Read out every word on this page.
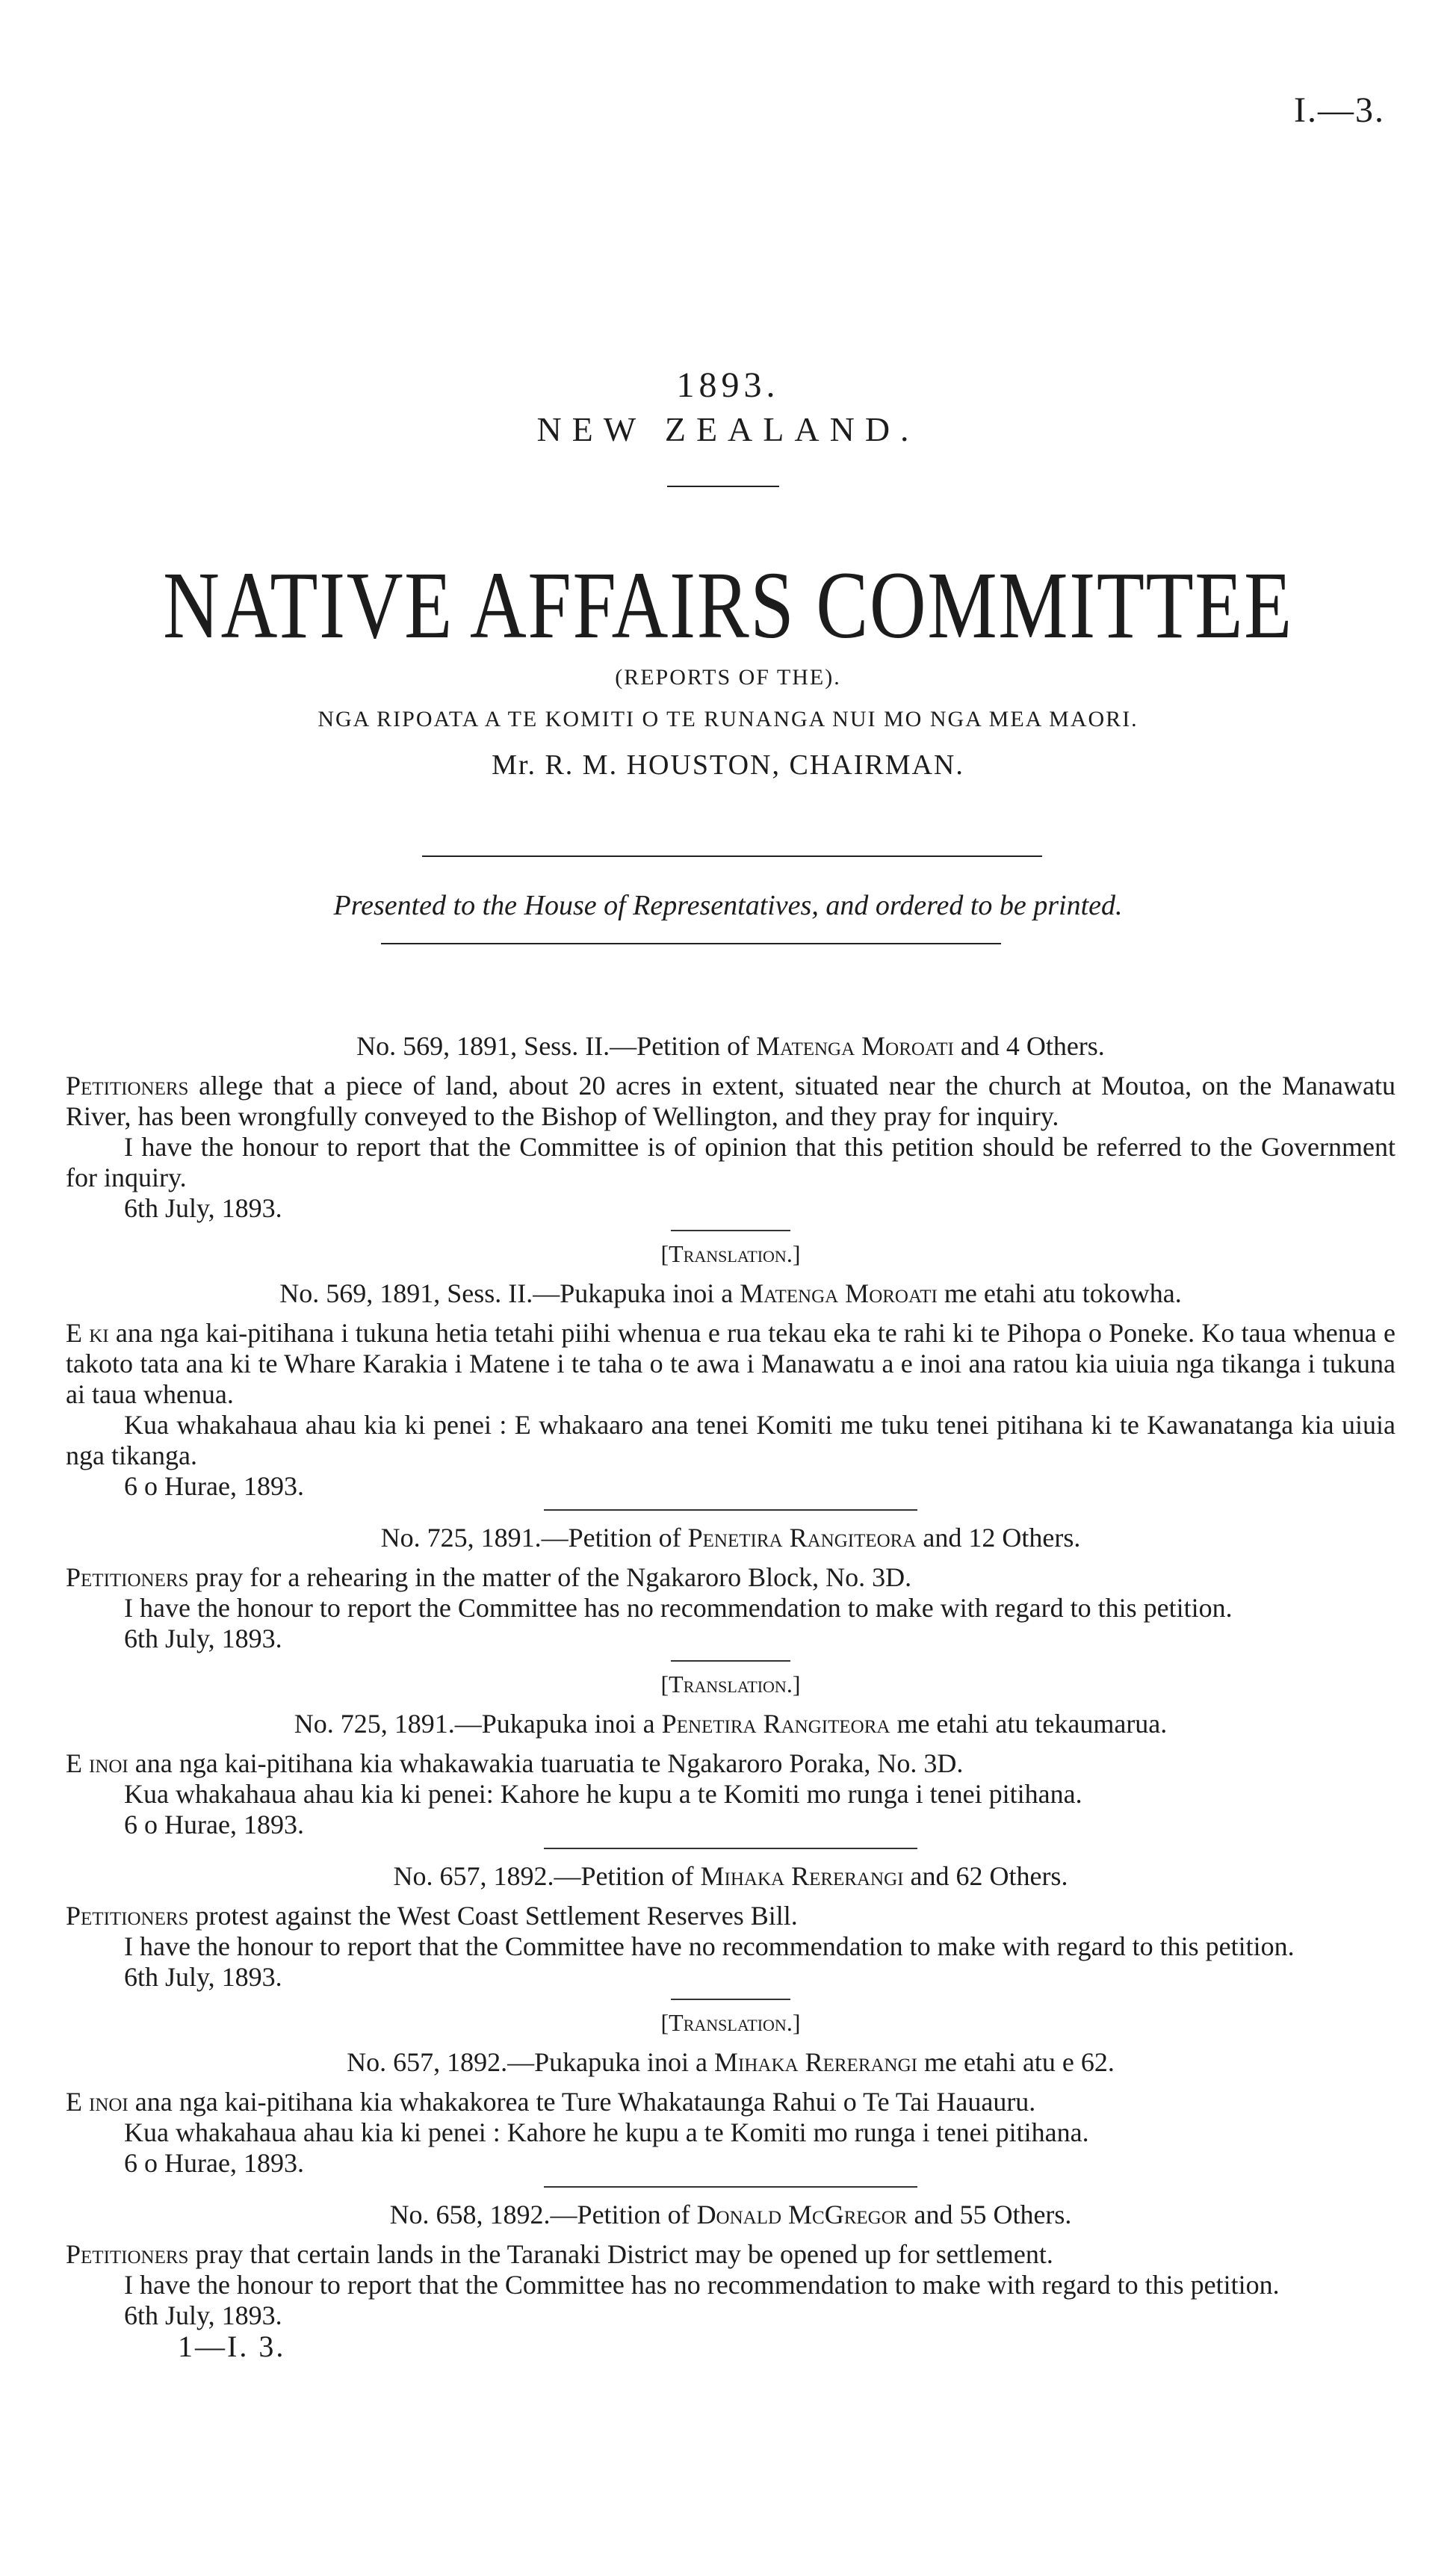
I.—3.
1893.
NEW ZEALAND.
NATIVE AFFAIRS COMMITTEE
(REPORTS OF THE).
NGA RIPOATA A TE KOMITI O TE RUNANGA NUI MO NGA MEA MAORI.
Mr. R. M. HOUSTON, CHAIRMAN.
Presented to the House of Representatives, and ordered to be printed.
No. 569, 1891, Sess. II.—Petition of Matenga Moroati and 4 Others.

Petitioners allege that a piece of land, about 20 acres in extent, situated near the church at Moutoa, on the Manawatu River, has been wrongfully conveyed to the Bishop of Wellington, and they pray for inquiry.

I have the honour to report that the Committee is of opinion that this petition should be referred to the Government for inquiry.

6th July, 1893.

[Translation.]
No. 569, 1891, Sess. II.—Pukapuka inoi a Matenga Moroati me etahi atu tokowha.

E ki ana nga kai-pitihana i tukuna hetia tetahi piihi whenua e rua tekau eka te rahi ki te Pihopa o Poneke. Ko taua whenua e takoto tata ana ki te Whare Karakia i Matene i te taha o te awa i Manawatu a e inoi ana ratou kia uiuia nga tikanga i tukuna ai taua whenua.

Kua whakahaua ahau kia ki penei : E whakaaro ana tenei Komiti me tuku tenei pitihana ki te Kawanatanga kia uiuia nga tikanga.

6 o Hurae, 1893.

No. 725, 1891.—Petition of Penetira Rangiteora and 12 Others.

Petitioners pray for a rehearing in the matter of the Ngakaroro Block, No. 3D.

I have the honour to report the Committee has no recommendation to make with regard to this petition.

6th July, 1893.

[Translation.]
No. 725, 1891.—Pukapuka inoi a Penetira Rangiteora me etahi atu tekaumarua.

E inoi ana nga kai-pitihana kia whakawakia tuaruatia te Ngakaroro Poraka, No. 3D.

Kua whakahaua ahau kia ki penei: Kahore he kupu a te Komiti mo runga i tenei pitihana.

6 o Hurae, 1893.

No. 657, 1892.—Petition of Mihaka Rererangi and 62 Others.

Petitioners protest against the West Coast Settlement Reserves Bill.

I have the honour to report that the Committee have no recommendation to make with regard to this petition.

6th July, 1893.

[Translation.]
No. 657, 1892.—Pukapuka inoi a Mihaka Rererangi me etahi atu e 62.

E inoi ana nga kai-pitihana kia whakakorea te Ture Whakataunga Rahui o Te Tai Hauauru.

Kua whakahaua ahau kia ki penei : Kahore he kupu a te Komiti mo runga i tenei pitihana.

6 o Hurae, 1893.

No. 658, 1892.—Petition of Donald McGregor and 55 Others.

Petitioners pray that certain lands in the Taranaki District may be opened up for settlement.

I have the honour to report that the Committee has no recommendation to make with regard to this petition.

6th July, 1893.

1—I. 3.
